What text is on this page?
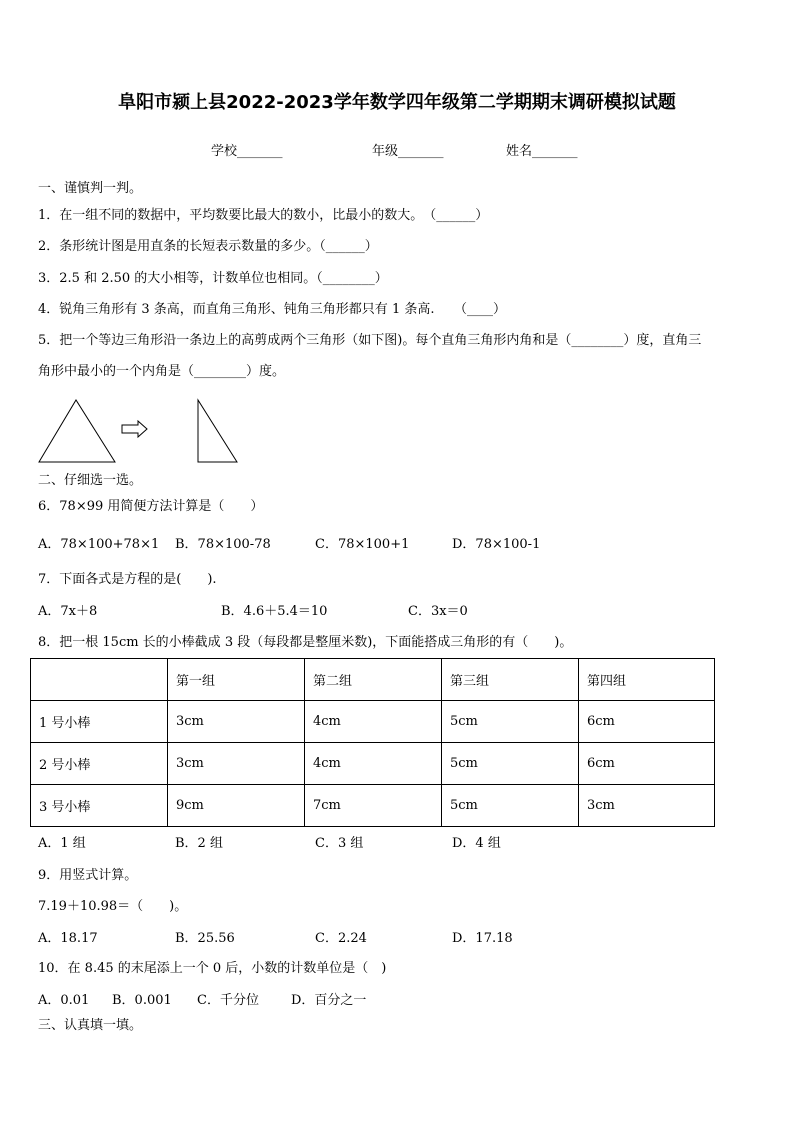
阜阳市颍上县2022-2023学年数学四年级第二学期期末调研模拟试题
学校_______	年级_______	姓名_______
一、谨慎判一判。
1．在一组不同的数据中，平均数要比最大的数小，比最小的数大。　（______）
2．条形统计图是用直条的长短表示数量的多少。（______）
3．2.5 和 2.50 的大小相等，计数单位也相同。（________）
4．锐角三角形有 3 条高，而直角三角形、钝角三角形都只有 1 条高.　　（____）
5．把一个等边三角形沿一条边上的高剪成两个三角形（如下图)。每个直角三角形内角和是（________）度，直角三
角形中最小的一个内角是（________）度。
二、仔细选一选。
6．78×99 用简便方法计算是（　　）
A．78×100+78×1 B．78×100-78	C．78×100+1	D．78×100-1
7．下面各式是方程的是(　　).
A．7x＋8	B．4.6＋5.4＝10	C．3x＝0
8．把一根 15cm 长的小棒截成 3 段（每段都是整厘米数)，下面能搭成三角形的有（　　)。
	第一组	第二组	第三组	第四组
1 号小棒	3cm	4cm	5cm	6cm
2 号小棒	3cm	4cm	5cm	6cm
3 号小棒	9cm	7cm	5cm	3cm
A．1 组	B．2 组	C．3 组	D．4 组
9．用竖式计算。
7.19＋10.98＝（　　)。
A．18.17	B．25.56	C．2.24	D．17.18
10．在 8.45 的末尾添上一个 0 后，小数的计数单位是（　)
A．0.01 B．0.001 C．千分位 D．百分之一
三、认真填一填。
